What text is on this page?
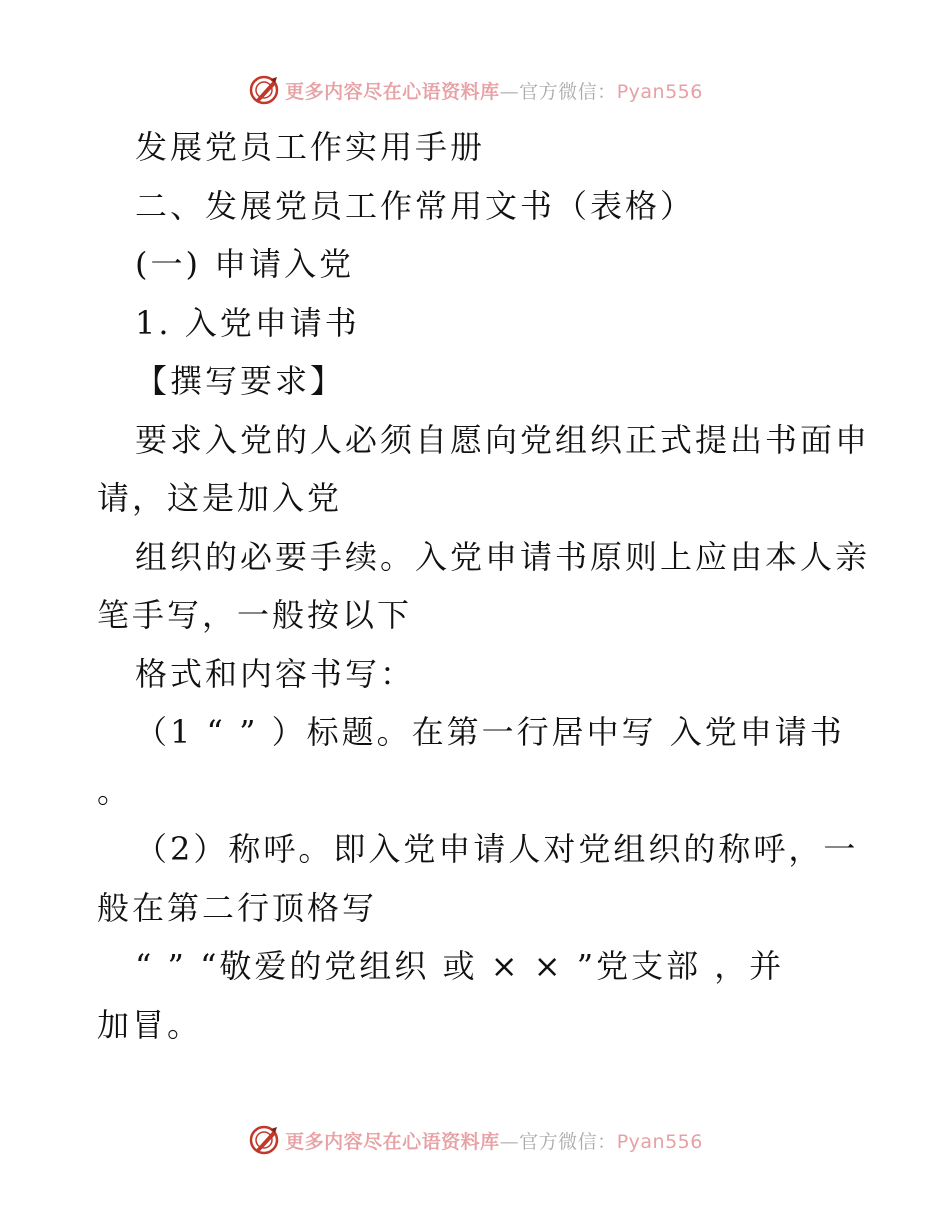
更多内容尽在心语资料库—官方微信：Pyan556
发展党员工作实用手册
二、发展党员工作常用文书（表格）
(一) 申请入党
1. 入党申请书
【撰写要求】
要求入党的人必须自愿向党组织正式提出书面申
请，这是加入党
组织的必要手续。入党申请书原则上应由本人亲
笔手写，一般按以下
格式和内容书写：
（1 “ ” ）标题。在第一行居中写 入党申请书
。
（2）称呼。即入党申请人对党组织的称呼，一
般在第二行顶格写
“ ” “敬爱的党组织 或 × × ”党支部 ，并
加冒。
更多内容尽在心语资料库—官方微信：Pyan556
